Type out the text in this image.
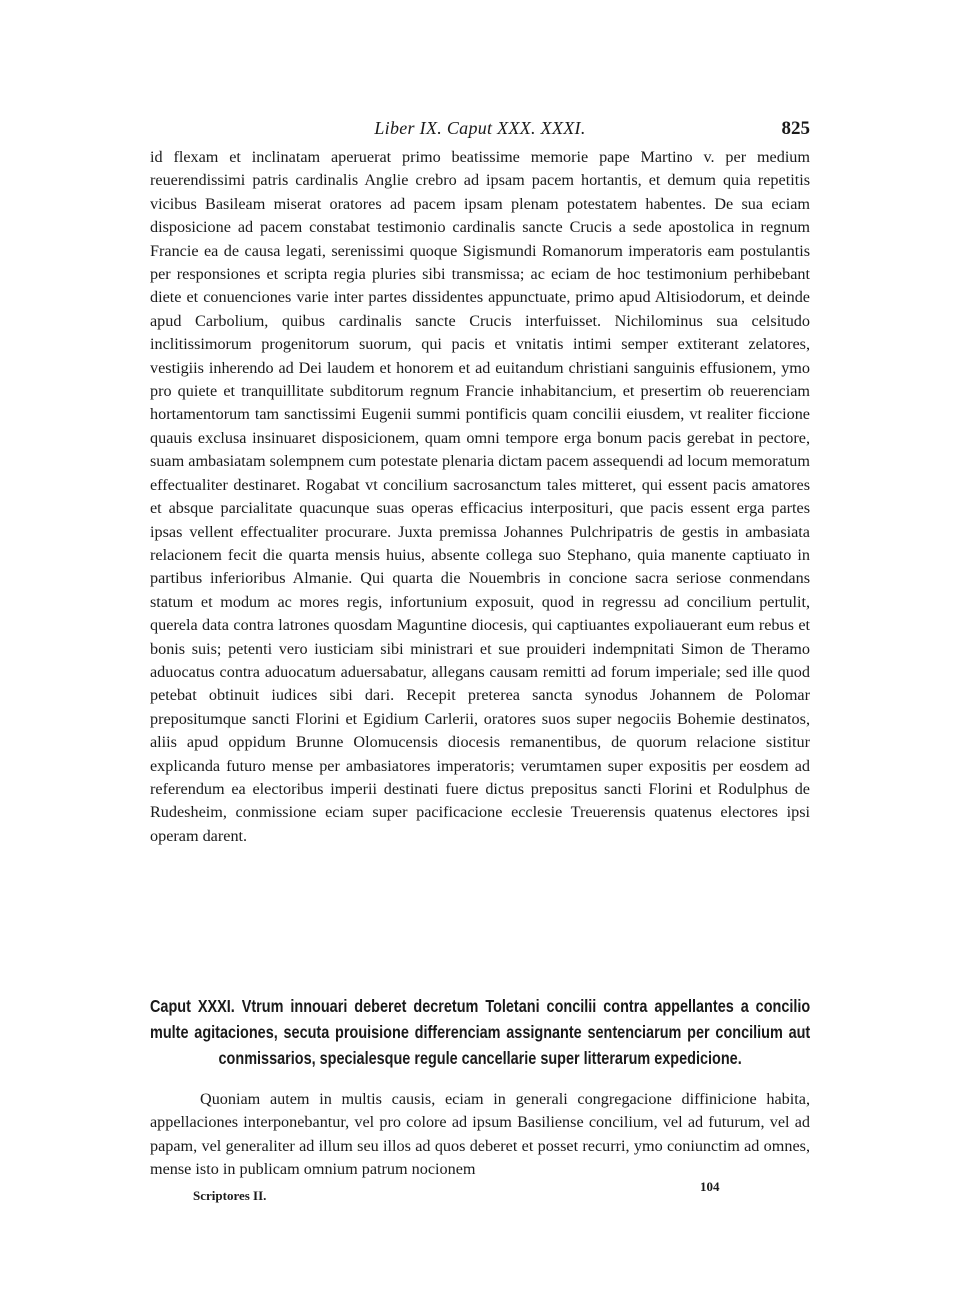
Liber IX. Caput XXX. XXXI.	825

id flexam et inclinatam aperuerat primo beatissime memorie pape Martino v. per medium reuerendissimi patris cardinalis Anglie crebro ad ipsam pacem hortantis, et demum quia repetitis vicibus Basileam miserat oratores ad pacem ipsam plenam potestatem habentes. De sua eciam disposicione ad pacem constabat testimonio cardinalis sancte Crucis a sede apostolica in regnum Francie ea de causa legati, serenissimi quoque Sigismundi Romanorum imperatoris eam postulantis per responsiones et scripta regia pluries sibi transmissa; ac eciam de hoc testimonium perhibebant diete et conuenciones varie inter partes dissidentes appunctuate, primo apud Altisiodorum, et deinde apud Carbolium, quibus cardinalis sancte Crucis interfuisset. Nichilominus sua celsitudo inclitissimorum progenitorum suorum, qui pacis et vnitatis intimi semper extiterant zelatores, vestigiis inherendo ad Dei laudem et honorem et ad euitandum christiani sanguinis effusionem, ymo pro quiete et tranquillitate subditorum regnum Francie inhabitancium, et presertim ob reuerenciam hortamentorum tam sanctissimi Eugenii summi pontificis quam concilii eiusdem, vt realiter ficcione quauis exclusa insinuaret disposicionem, quam omni tempore erga bonum pacis gerebat in pectore, suam ambasiatam solempnem cum potestate plenaria dictam pacem assequendi ad locum memoratum effectualiter destinaret. Rogabat vt concilium sacrosanctum tales mitteret, qui essent pacis amatores et absque parcialitate quacunque suas operas efficacius interposituri, que pacis essent erga partes ipsas vellent effectualiter procurare. Juxta premissa Johannes Pulchripatris de gestis in ambasiata relacionem fecit die quarta mensis huius, absente collega suo Stephano, quia manente captiuato in partibus inferioribus Almanie. Qui quarta die Nouembris in concione sacra seriose conmendans statum et modum ac mores regis, infortunium exposuit, quod in regressu ad concilium pertulit, querela data contra latrones quosdam Maguntine diocesis, qui captiuantes expoliauerant eum rebus et bonis suis; petenti vero iusticiam sibi ministrari et sue prouideri indempnitati Simon de Theramo aduocatus contra aduocatum aduersabatur, allegans causam remitti ad forum imperiale; sed ille quod petebat obtinuit iudices sibi dari. Recepit preterea sancta synodus Johannem de Polomar prepositumque sancti Florini et Egidium Carlerii, oratores suos super negociis Bohemie destinatos, aliis apud oppidum Brunne Olomucensis diocesis remanentibus, de quorum relacione sistitur explicanda futuro mense per ambasiatores imperatoris; verumtamen super expositis per eosdem ad referendum ea electoribus imperii destinati fuere dictus prepositus sancti Florini et Rodulphus de Rudesheim, conmissione eciam super pacificacione ecclesie Treuerensis quatenus electores ipsi operam darent.

Caput XXXI. Vtrum innouari deberet decretum Toletani concilii contra appellantes a concilio multe agitaciones, secuta prouisione differenciam assignante sentenciarum per concilium aut conmissarios, specialesque regule cancellarie super litterarum expedicione.

Quoniam autem in multis causis, eciam in generali congregacione diffinicione habita, appellaciones interponebantur, vel pro colore ad ipsum Basiliense concilium, vel ad futurum, vel ad papam, vel generaliter ad illum seu illos ad quos deberet et posset recurri, ymo coniunctim ad omnes, mense isto in publicam omnium patrum nocionem

104
Scriptores II.
